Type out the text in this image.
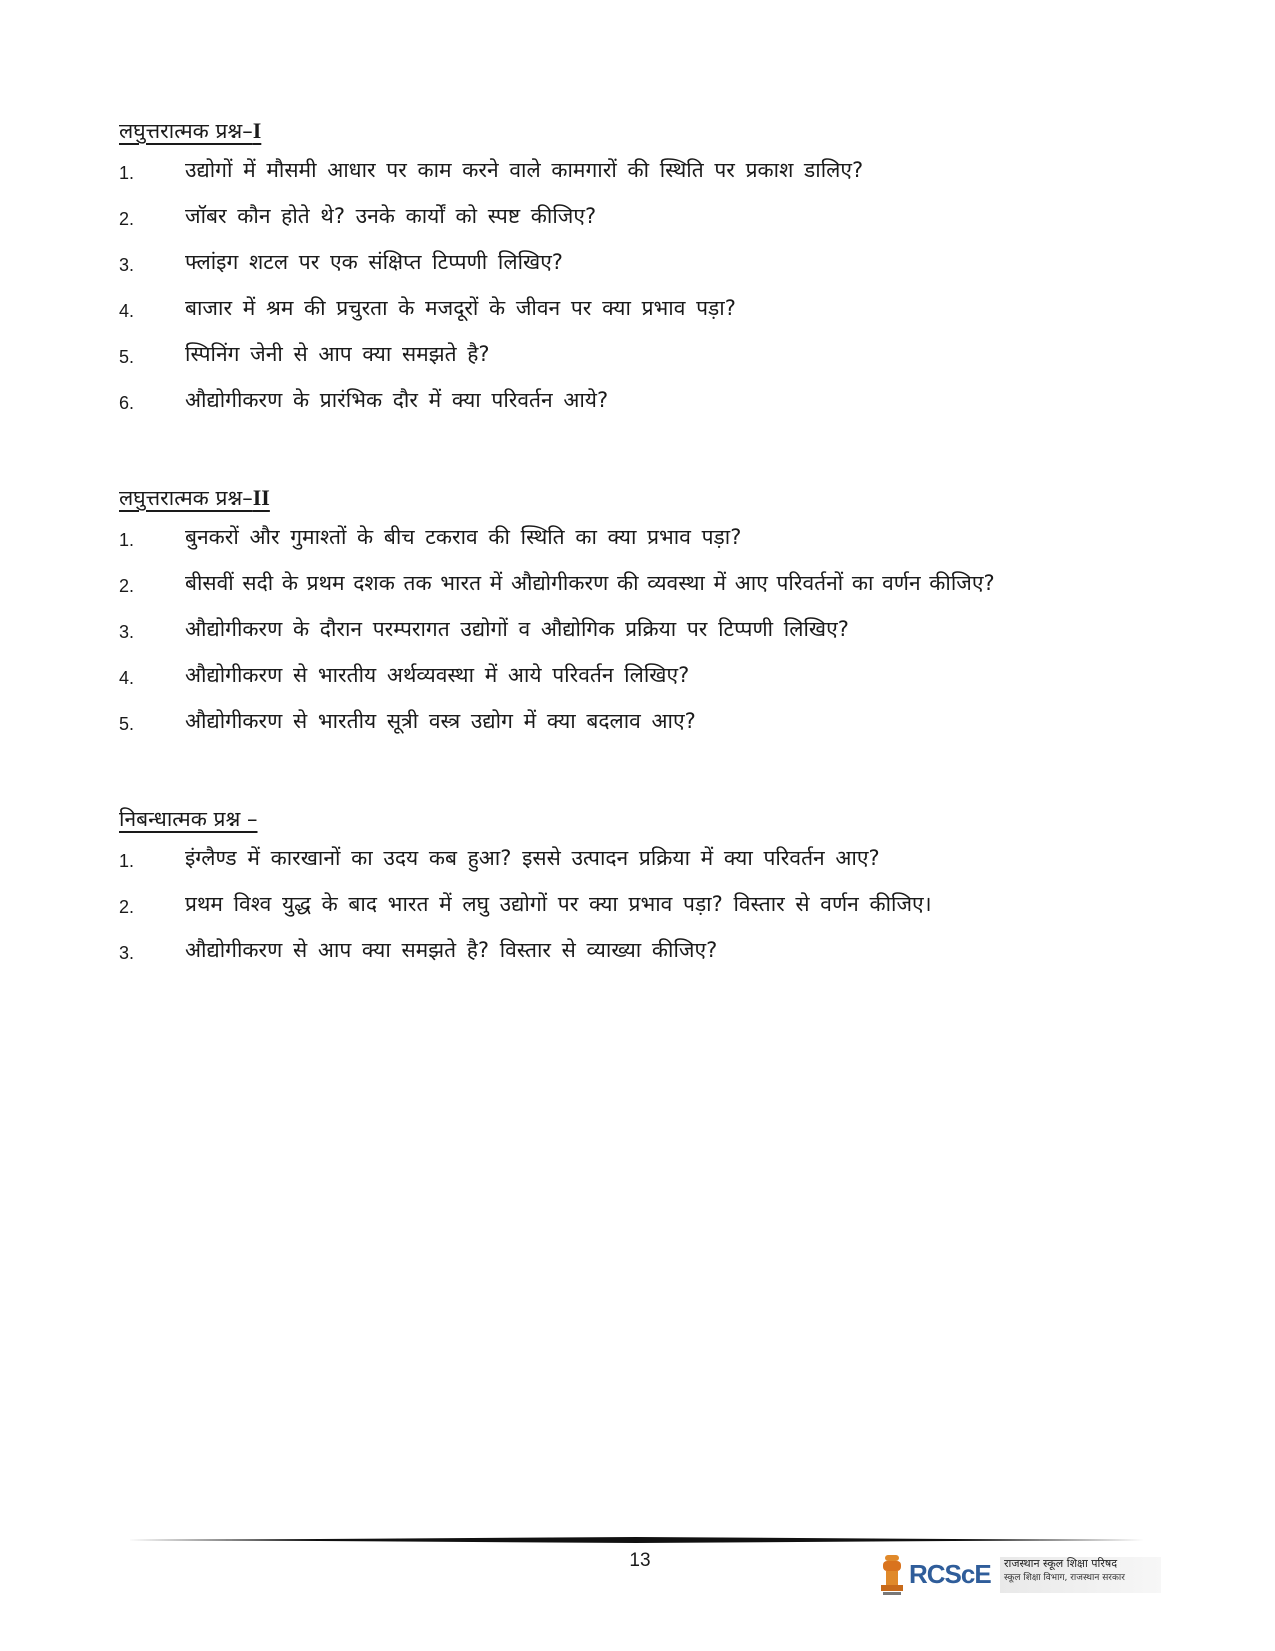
लघुत्तरात्मक प्रश्न–I
1. उद्योगों में मौसमी आधार पर काम करने वाले कामगारों की स्थिति पर प्रकाश डालिए?
2. जॉबर कौन होते थे? उनके कार्यों को स्पष्ट कीजिए?
3. फ्लांइग शटल पर एक संक्षिप्त टिप्पणी लिखिए?
4. बाजार में श्रम की प्रचुरता के मजदूरों के जीवन पर क्या प्रभाव पड़ा?
5. स्पिनिंग जेनी से आप क्या समझते है?
6. औद्योगीकरण के प्रारंभिक दौर में क्या परिवर्तन आये?
लघुत्तरात्मक प्रश्न–II
1. बुनकरों और गुमाश्तों के बीच टकराव की स्थिति का क्या प्रभाव पड़ा?
2. बीसवीं सदी के प्रथम दशक तक भारत में औद्योगीकरण की व्यवस्था में आए परिवर्तनों का वर्णन कीजिए?
3. औद्योगीकरण के दौरान परम्परागत उद्योगों व औद्योगिक प्रक्रिया पर टिप्पणी लिखिए?
4. औद्योगीकरण से भारतीय अर्थव्यवस्था में आये परिवर्तन लिखिए?
5. औद्योगीकरण से भारतीय सूत्री वस्त्र उद्योग में क्या बदलाव आए?
निबन्धात्मक प्रश्न –
1. इंग्लैण्ड में कारखानों का उदय कब हुआ? इससे उत्पादन प्रक्रिया में क्या परिवर्तन आए?
2. प्रथम विश्व युद्ध के बाद भारत में लघु उद्योगों पर क्या प्रभाव पड़ा? विस्तार से वर्णन कीजिए।
3. औद्योगीकरण से आप क्या समझते है? विस्तार से व्याख्या कीजिए?
13	RCScE राजस्थान स्कूल शिक्षा परिषद
स्कूल शिक्षा विभाग, राजस्थान सरकार
